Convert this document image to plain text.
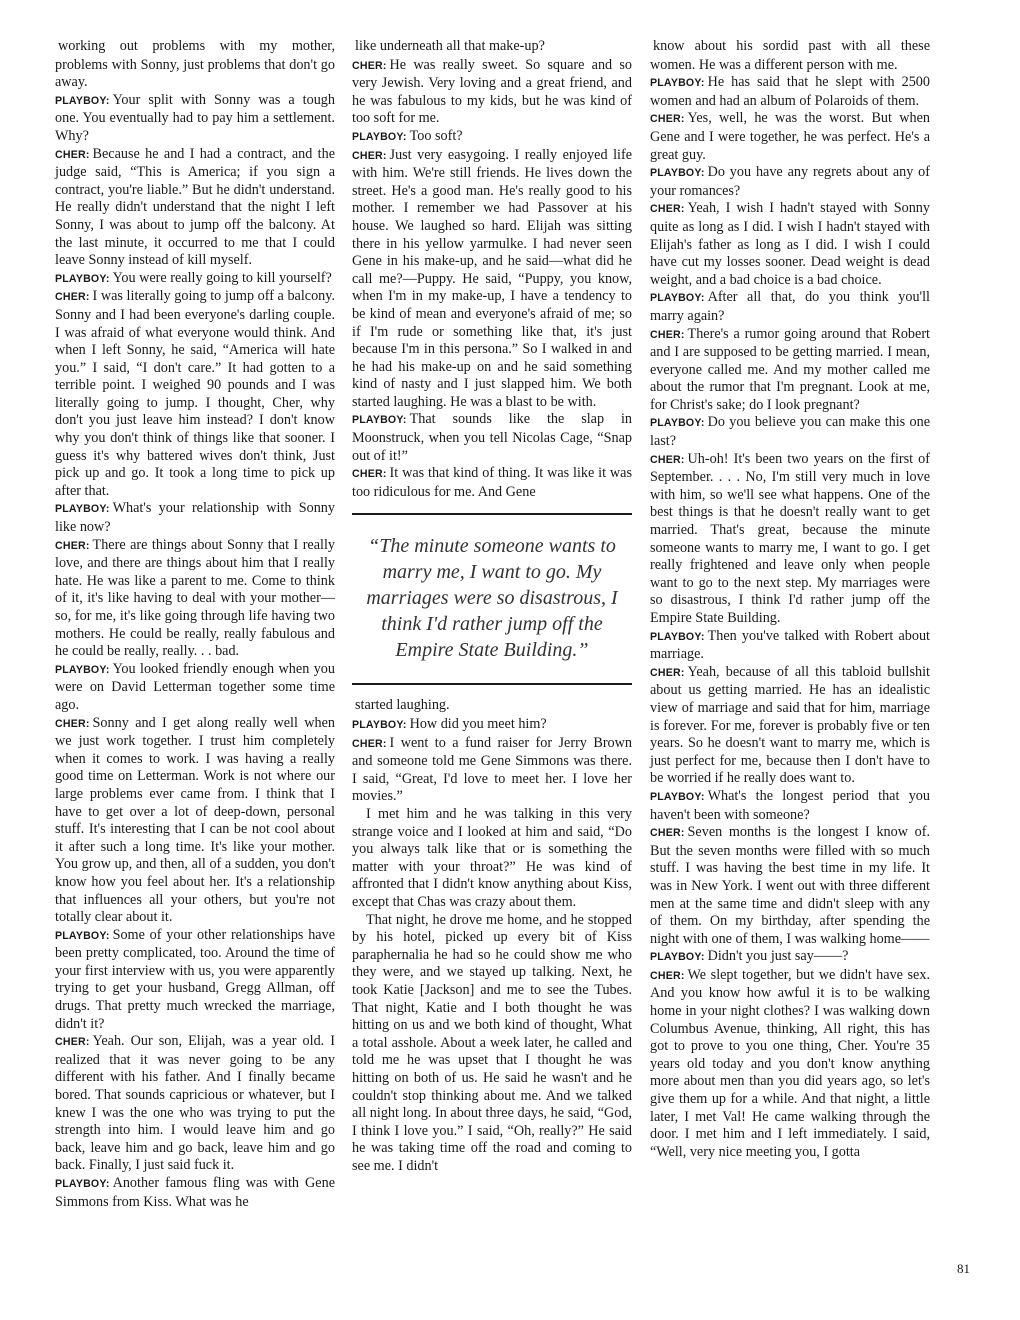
working out problems with my mother, problems with Sonny, just problems that don't go away.

PLAYBOY: Your split with Sonny was a tough one. You eventually had to pay him a settlement. Why?

CHER: Because he and I had a contract, and the judge said, “This is America; if you sign a contract, you're liable.” But he didn't understand. He really didn't understand that the night I left Sonny, I was about to jump off the balcony. At the last minute, it occurred to me that I could leave Sonny instead of kill myself.

PLAYBOY: You were really going to kill yourself?

CHER: I was literally going to jump off a balcony. Sonny and I had been everyone's darling couple. I was afraid of what everyone would think. And when I left Sonny, he said, “America will hate you.” I said, “I don't care.” It had gotten to a terrible point. I weighed 90 pounds and I was literally going to jump. I thought, Cher, why don't you just leave him instead? I don't know why you don't think of things like that sooner. I guess it's why battered wives don't think, Just pick up and go. It took a long time to pick up after that.

PLAYBOY: What's your relationship with Sonny like now?

CHER: There are things about Sonny that I really love, and there are things about him that I really hate. He was like a parent to me. Come to think of it, it's like having to deal with your mother—so, for me, it's like going through life having two mothers. He could be really, really fabulous and he could be really, really. . . bad.

PLAYBOY: You looked friendly enough when you were on David Letterman together some time ago.

CHER: Sonny and I get along really well when we just work together. I trust him completely when it comes to work. I was having a really good time on Letterman. Work is not where our large problems ever came from. I think that I have to get over a lot of deep-down, personal stuff. It's interesting that I can be not cool about it after such a long time. It's like your mother. You grow up, and then, all of a sudden, you don't know how you feel about her. It's a relationship that influences all your others, but you're not totally clear about it.

PLAYBOY: Some of your other relationships have been pretty complicated, too. Around the time of your first interview with us, you were apparently trying to get your husband, Gregg Allman, off drugs. That pretty much wrecked the marriage, didn't it?

CHER: Yeah. Our son, Elijah, was a year old. I realized that it was never going to be any different with his father. And I finally became bored. That sounds capricious or whatever, but I knew I was the one who was trying to put the strength into him. I would leave him and go back, leave him and go back, leave him and go back. Finally, I just said fuck it.

PLAYBOY: Another famous fling was with Gene Simmons from Kiss. What was he

like underneath all that make-up?

CHER: He was really sweet. So square and so very Jewish. Very loving and a great friend, and he was fabulous to my kids, but he was kind of too soft for me.

PLAYBOY: Too soft?

CHER: Just very easygoing. I really enjoyed life with him. We're still friends. He lives down the street. He's a good man. He's really good to his mother. I remember we had Passover at his house. We laughed so hard. Elijah was sitting there in his yellow yarmulke. I had never seen Gene in his make-up, and he said—what did he call me?—Puppy. He said, “Puppy, you know, when I'm in my make-up, I have a tendency to be kind of mean and everyone's afraid of me; so if I'm rude or something like that, it's just because I'm in this persona.” So I walked in and he had his make-up on and he said something kind of nasty and I just slapped him. We both started laughing. He was a blast to be with.

PLAYBOY: That sounds like the slap in Moonstruck, when you tell Nicolas Cage, “Snap out of it!”

CHER: It was that kind of thing. It was like it was too ridiculous for me. And Gene

“The minute someone wants to marry me, I want to go. My marriages were so disastrous, I think I'd rather jump off the Empire State Building.”

started laughing.

PLAYBOY: How did you meet him?

CHER: I went to a fund raiser for Jerry Brown and someone told me Gene Simmons was there. I said, “Great, I'd love to meet her. I love her movies.”

I met him and he was talking in this very strange voice and I looked at him and said, “Do you always talk like that or is something the matter with your throat?” He was kind of affronted that I didn't know anything about Kiss, except that Chas was crazy about them.

That night, he drove me home, and he stopped by his hotel, picked up every bit of Kiss paraphernalia he had so he could show me who they were, and we stayed up talking. Next, he took Katie [Jackson] and me to see the Tubes. That night, Katie and I both thought he was hitting on us and we both kind of thought, What a total asshole. About a week later, he called and told me he was upset that I thought he was hitting on both of us. He said he wasn't and he couldn't stop thinking about me. And we talked all night long. In about three days, he said, “God, I think I love you.” I said, “Oh, really?” He said he was taking time off the road and coming to see me. I didn't

know about his sordid past with all these women. He was a different person with me.

PLAYBOY: He has said that he slept with 2500 women and had an album of Polaroids of them.

CHER: Yes, well, he was the worst. But when Gene and I were together, he was perfect. He's a great guy.

PLAYBOY: Do you have any regrets about any of your romances?

CHER: Yeah, I wish I hadn't stayed with Sonny quite as long as I did. I wish I hadn't stayed with Elijah's father as long as I did. I wish I could have cut my losses sooner. Dead weight is dead weight, and a bad choice is a bad choice.

PLAYBOY: After all that, do you think you'll marry again?

CHER: There's a rumor going around that Robert and I are supposed to be getting married. I mean, everyone called me. And my mother called me about the rumor that I'm pregnant. Look at me, for Christ's sake; do I look pregnant?

PLAYBOY: Do you believe you can make this one last?

CHER: Uh-oh! It's been two years on the first of September. . . . No, I'm still very much in love with him, so we'll see what happens. One of the best things is that he doesn't really want to get married. That's great, because the minute someone wants to marry me, I want to go. I get really frightened and leave only when people want to go to the next step. My marriages were so disastrous, I think I'd rather jump off the Empire State Building.

PLAYBOY: Then you've talked with Robert about marriage.

CHER: Yeah, because of all this tabloid bullshit about us getting married. He has an idealistic view of marriage and said that for him, marriage is forever. For me, forever is probably five or ten years. So he doesn't want to marry me, which is just perfect for me, because then I don't have to be worried if he really does want to.

PLAYBOY: What's the longest period that you haven't been with someone?

CHER: Seven months is the longest I know of. But the seven months were filled with so much stuff. I was having the best time in my life. It was in New York. I went out with three different men at the same time and didn't sleep with any of them. On my birthday, after spending the night with one of them, I was walking home——

PLAYBOY: Didn't you just say——?

CHER: We slept together, but we didn't have sex. And you know how awful it is to be walking home in your night clothes? I was walking down Columbus Avenue, thinking, All right, this has got to prove to you one thing, Cher. You're 35 years old today and you don't know anything more about men than you did years ago, so let's give them up for a while. And that night, a little later, I met Val! He came walking through the door. I met him and I left immediately. I said, “Well, very nice meeting you, I gotta

81
